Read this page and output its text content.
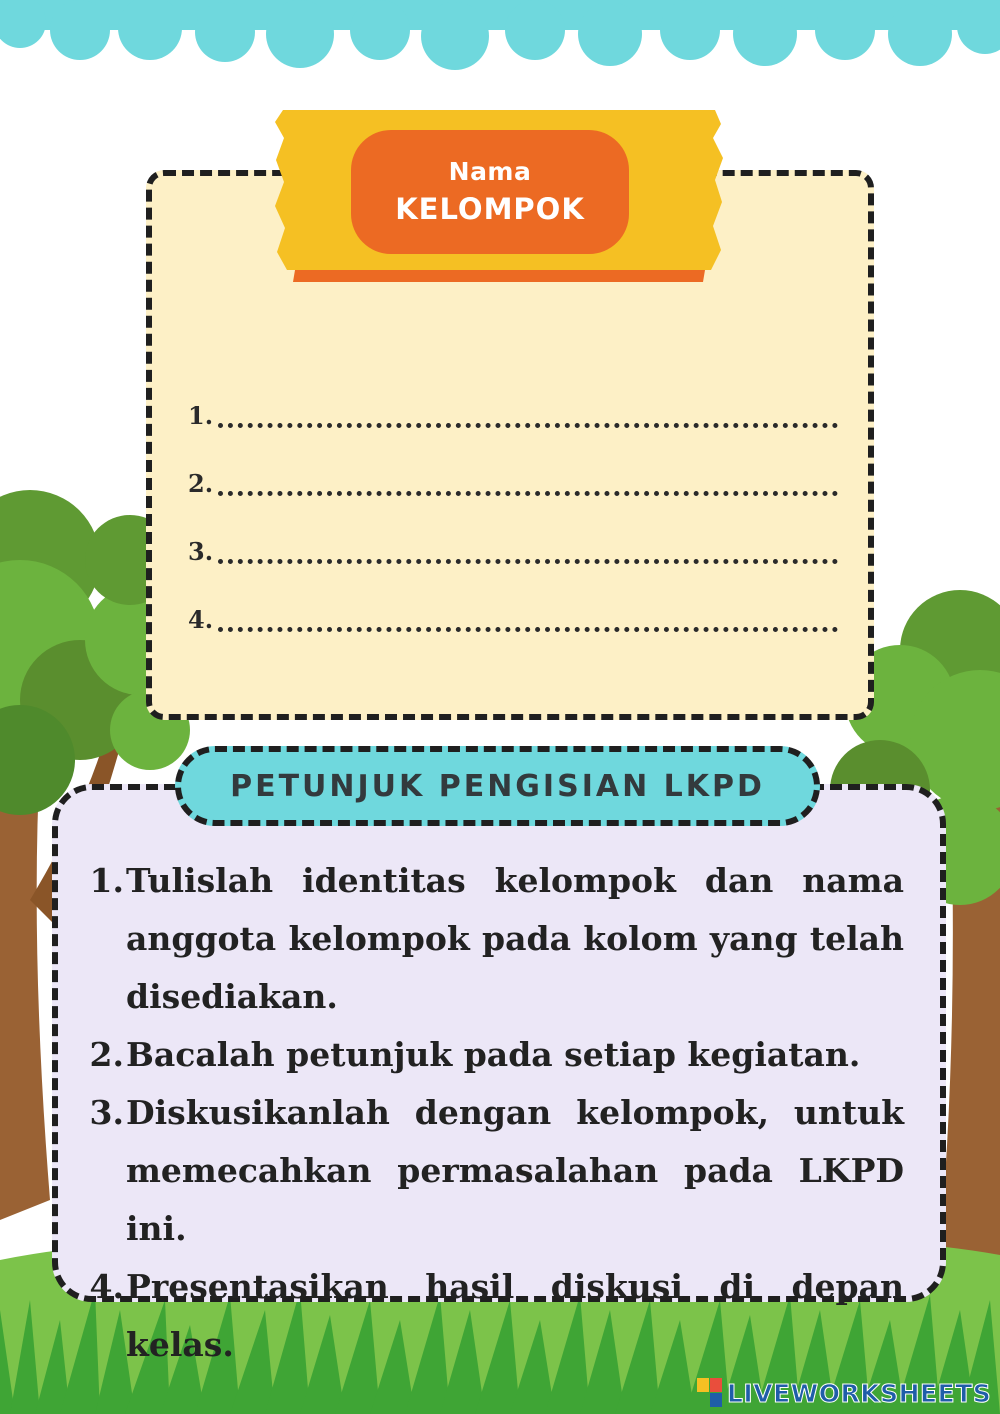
Nama
KELOMPOK
1.
2.
3.
4.
PETUNJUK PENGISIAN LKPD
1. Tulislah identitas kelompok dan nama anggota kelompok pada kolom yang telah disediakan.
2. Bacalah petunjuk pada setiap kegiatan.
3. Diskusikanlah dengan kelompok, untuk memecahkan permasalahan pada LKPD ini.
4. Presentasikan hasil diskusi di depan kelas.
LIVEWORKSHEETS
